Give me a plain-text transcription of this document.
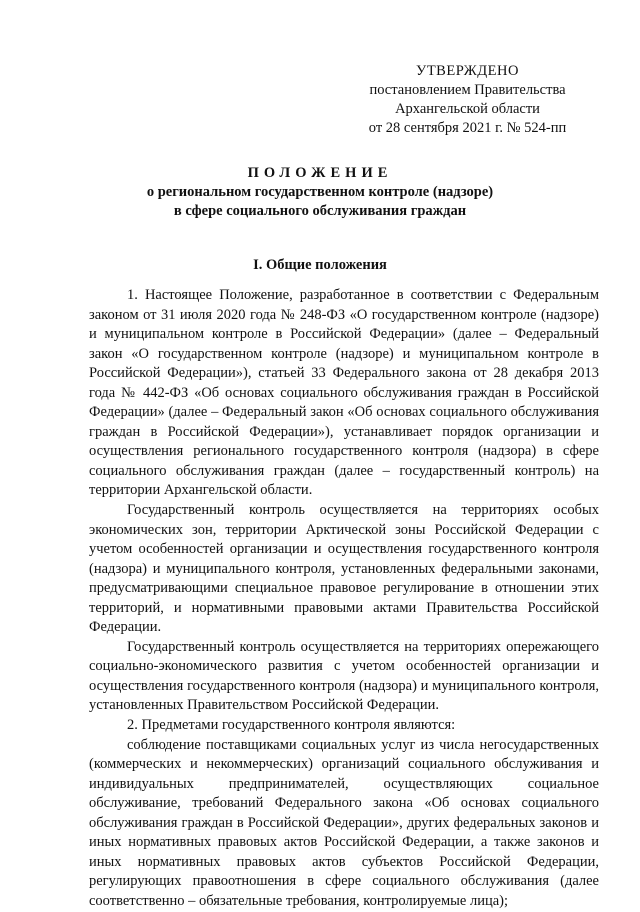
УТВЕРЖДЕНО
постановлением Правительства
Архангельской области
от 28 сентября 2021 г. № 524-пп
ПОЛОЖЕНИЕ
о региональном государственном контроле (надзоре)
в сфере социального обслуживания граждан
I. Общие положения

1. Настоящее Положение, разработанное в соответствии с Федеральным законом от 31 июля 2020 года № 248-ФЗ «О государственном контроле (надзоре) и муниципальном контроле в Российской Федерации» (далее – Федеральный закон «О государственном контроле (надзоре) и муниципальном контроле в Российской Федерации»), статьей 33 Федерального закона от 28 декабря 2013 года № 442-ФЗ «Об основах социального обслуживания граждан в Российской Федерации» (далее – Федеральный закон «Об основах социального обслуживания граждан в Российской Федерации»), устанавливает порядок организации и осуществления регионального государственного контроля (надзора) в сфере социального обслуживания граждан (далее – государственный контроль) на территории Архангельской области.

Государственный контроль осуществляется на территориях особых экономических зон, территории Арктической зоны Российской Федерации с учетом особенностей организации и осуществления государственного контроля (надзора) и муниципального контроля, установленных федеральными законами, предусматривающими специальное правовое регулирование в отношении этих территорий, и нормативными правовыми актами Правительства Российской Федерации.

Государственный контроль осуществляется на территориях опережающего социально-экономического развития с учетом особенностей организации и осуществления государственного контроля (надзора) и муниципального контроля, установленных Правительством Российской Федерации.

2. Предметами государственного контроля являются:

соблюдение поставщиками социальных услуг из числа негосударственных (коммерческих и некоммерческих) организаций социального обслуживания и индивидуальных предпринимателей, осуществляющих социальное обслуживание, требований Федерального закона «Об основах социального обслуживания граждан в Российской Федерации», других федеральных законов и иных нормативных правовых актов Российской Федерации, а также законов и иных нормативных правовых актов субъектов Российской Федерации, регулирующих правоотношения в сфере социального обслуживания (далее соответственно – обязательные требования, контролируемые лица);
